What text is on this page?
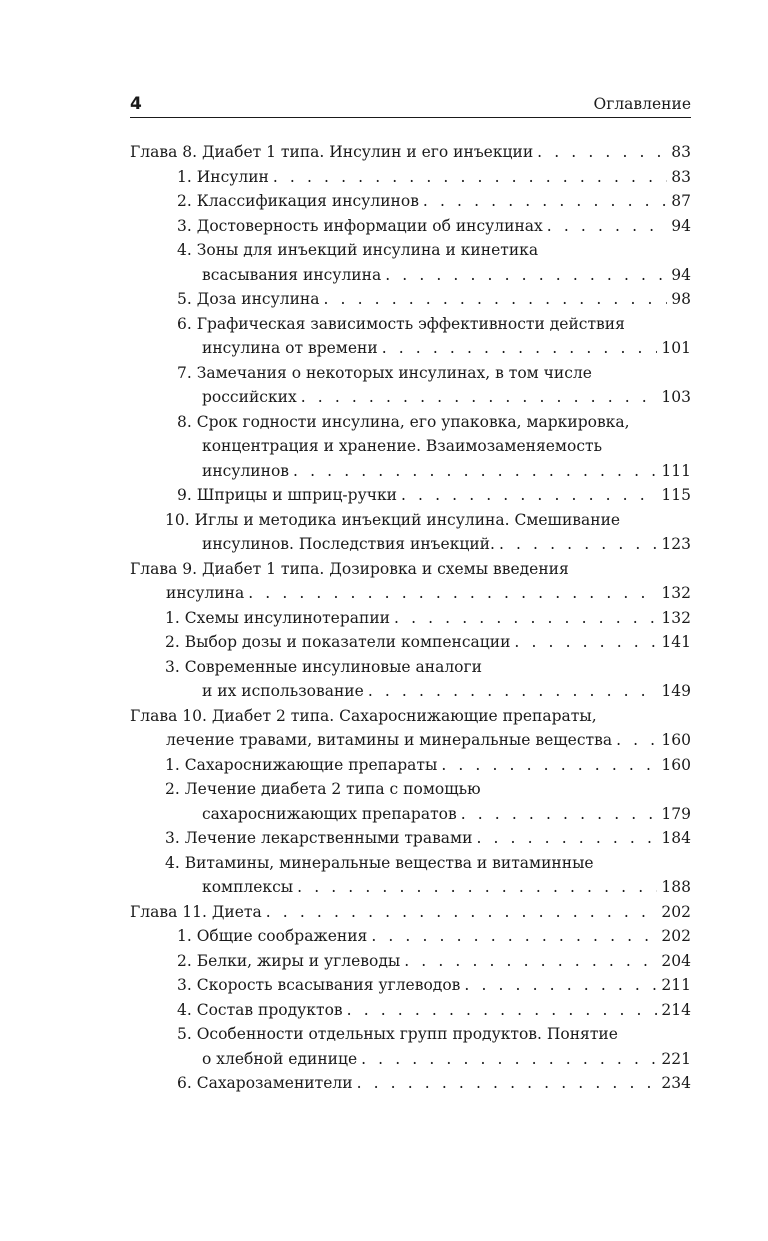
4	Оглавление
Глава 8. Диабет 1 типа. Инсулин и его инъекции . . .	83
1. Инсулин . . .	83
2. Классификация инсулинов . . .	87
3. Достоверность информации об инсулинах . . .	94
4. Зоны для инъекций инсулина и кинетика
всасывания инсулина . . .	94
5. Доза инсулина . . .	98
6. Графическая зависимость эффективности действия
инсулина от времени . . .	101
7. Замечания о некоторых инсулинах, в том числе
российских . . .	103
8. Срок годности инсулина, его упаковка, маркировка,
концентрация и хранение. Взаимозаменяемость
инсулинов . . .	111
9. Шприцы и шприц-ручки . . .	115
10. Иглы и методика инъекций инсулина. Смешивание
инсулинов. Последствия инъекций. . . .	123
Глава 9. Диабет 1 типа. Дозировка и схемы введения
инсулина . . .	132
1. Схемы инсулинотерапии . . .	132
2. Выбор дозы и показатели компенсации . . .	141
3. Современные инсулиновые аналоги
и их использование . . .	149
Глава 10. Диабет 2 типа. Сахароснижающие препараты,
лечение травами, витамины и минеральные вещества . . .	160
1. Сахароснижающие препараты . . .	160
2. Лечение диабета 2 типа с помощью
сахароснижающих препаратов . . .	179
3. Лечение лекарственными травами . . .	184
4. Витамины, минеральные вещества и витаминные
комплексы . . .	188
Глава 11. Диета . . .	202
1. Общие соображения . . .	202
2. Белки, жиры и углеводы . . .	204
3. Скорость всасывания углеводов . . .	211
4. Состав продуктов . . .	214
5. Особенности отдельных групп продуктов. Понятие
о хлебной единице . . .	221
6. Сахарозаменители . . .	234
